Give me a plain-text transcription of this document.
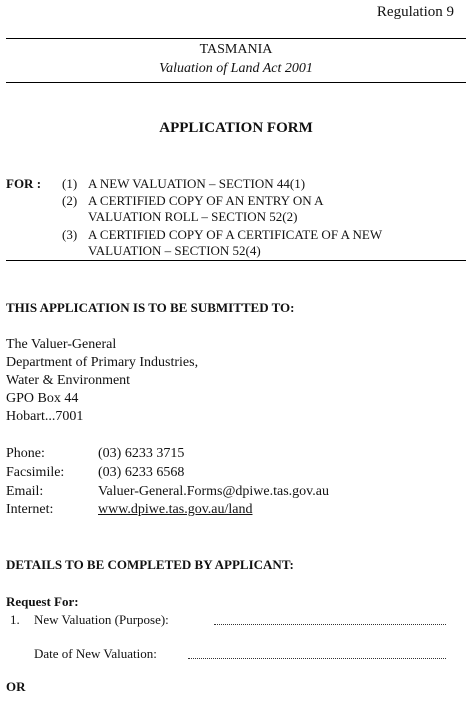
Regulation 9
TASMANIA
Valuation of Land Act 2001
APPLICATION FORM
FOR : (1) A NEW VALUATION – SECTION 44(1)
(2) A CERTIFIED COPY OF AN ENTRY ON A VALUATION ROLL – SECTION 52(2)
(3) A CERTIFIED COPY OF A CERTIFICATE OF A NEW VALUATION – SECTION 52(4)
THIS APPLICATION IS TO BE SUBMITTED TO:
The Valuer-General
Department of Primary Industries,
Water & Environment
GPO Box 44
Hobart...7001
Phone:	(03) 6233 3715
Facsimile: (03) 6233 6568
Email:	Valuer-General.Forms@dpiwe.tas.gov.au
Internet:	www.dpiwe.tas.gov.au/land
DETAILS TO BE COMPLETED BY APPLICANT:
Request For:
1. New Valuation (Purpose):
Date of New Valuation:
OR
